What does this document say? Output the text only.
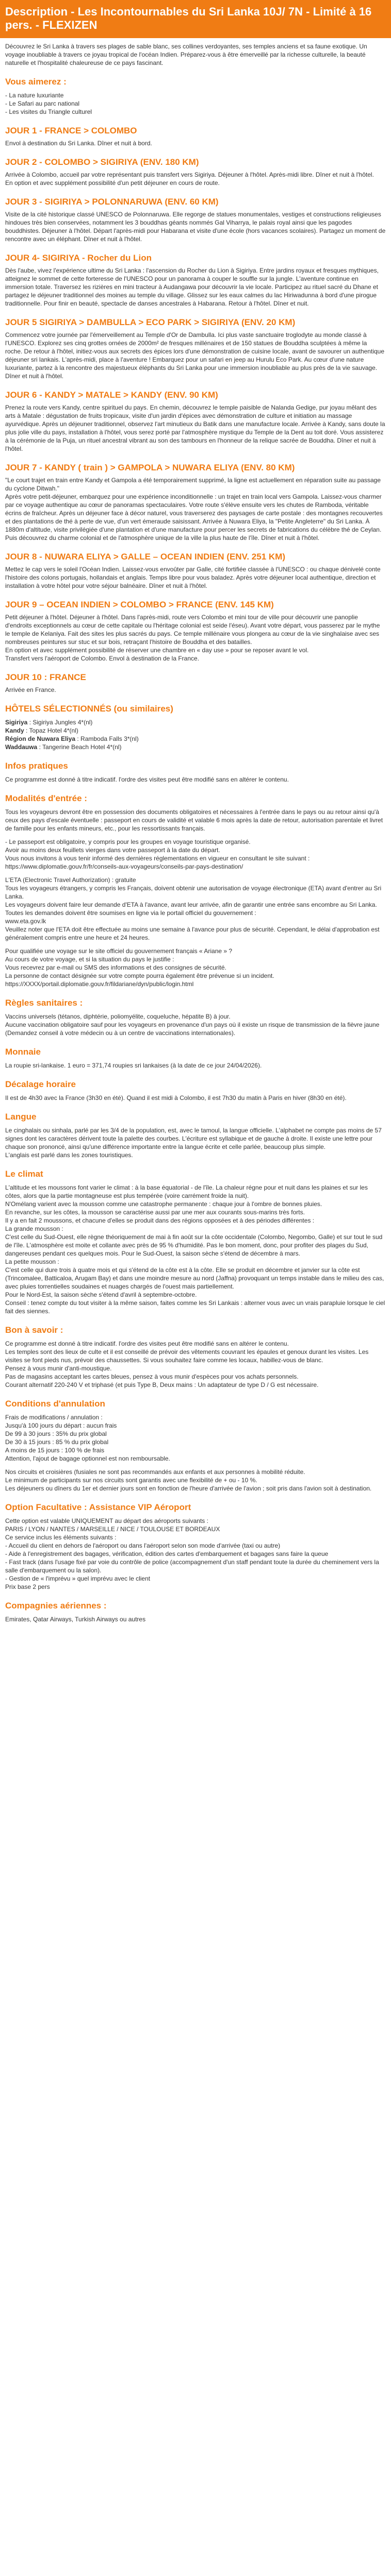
Description - Les Incontournables du Sri Lanka 10J/ 7N - Limité à 16 pers. - FLEXIZEN

Découvrez le Sri Lanka à travers ses plages de sable blanc, ses collines verdoyantes, ses temples anciens et sa faune exotique. Un voyage inoubliable à travers ce joyau tropical de l'océan Indien. Préparez-vous à être émerveillé par la richesse culturelle, la beauté naturelle et l'hospitalité chaleureuse de ce pays fascinant.

Vous aimerez :
- La nature luxuriante
- Le Safari au parc national
- Les visites du Triangle culturel
JOUR 1 - FRANCE > COLOMBO

Envol à destination du Sri Lanka. Dîner et nuit à bord.

JOUR 2 - COLOMBO > SIGIRIYA (ENV. 180 KM)

Arrivée à Colombo, accueil par votre représentant puis transfert vers Sigiriya. Déjeuner à l'hôtel. Après-midi libre. Dîner et nuit à l'hôtel.
En option et avec supplément possibilité d'un petit déjeuner en cours de route.

JOUR 3 - SIGIRIYA > POLONNARUWA (ENV. 60 KM)

Visite de la cité historique classé UNESCO de Polonnaruwa. Elle regorge de statues monumentales, vestiges et constructions religieuses hindoues très bien conservées, notamment les 3 bouddhas géants nommés Gal Viharrya, le palais royal ainsi que les pagodes bouddhistes. Déjeuner à l'hôtel. Départ l'après-midi pour Habarana et visite d'une école (hors vacances scolaires). Partagez un moment de rencontre avec un éléphant. Dîner et nuit à l'hôtel.

JOUR 4- SIGIRIYA - Rocher du Lion

Dès l'aube, vivez l'expérience ultime du Sri Lanka : l'ascension du Rocher du Lion à Sigiriya. Entre jardins royaux et fresques mythiques, atteignez le sommet de cette forteresse de l'UNESCO pour un panorama à couper le souffle sur la jungle. L'aventure continue en immersion totale. Traversez les rizières en mini tracteur à Audangawa pour découvrir la vie locale. Participez au rituel sacré du Dhane et partagez le déjeuner traditionnel des moines au temple du village. Glissez sur les eaux calmes du lac Hiriwadunna à bord d'une pirogue traditionnelle. Pour finir en beauté, spectacle de danses ancestrales à Habarana. Retour à l'hôtel. Dîner et nuit.

JOUR 5 SIGIRIYA > DAMBULLA > ECO PARK > SIGIRIYA (ENV. 20 KM)

Commencez votre journée par l'émerveillement au Temple d'Or de Dambulla. Ici plus vaste sanctuaire troglodyte au monde classé à l'UNESCO. Explorez ses cinq grottes ornées de 2000m² de fresques millénaires et de 150 statues de Bouddha sculptées à même la roche. De retour à l'hôtel, initiez-vous aux secrets des épices lors d'une démonstration de cuisine locale, avant de savourer un authentique déjeuner sri lankais. L'après-midi, place à l'aventure ! Embarquez pour un safari en jeep au Hurulu Eco Park. Au cœur d'une nature luxuriante, partez à la rencontre des majestueux éléphants du Sri Lanka pour une immersion inoubliable au plus près de la vie sauvage. Dîner et nuit à l'hôtel.

JOUR 6 - KANDY > MATALE > KANDY (ENV. 90 KM)

Prenez la route vers Kandy, centre spirituel du pays. En chemin, découvrez le temple paisible de Nalanda Gedige, pur joyau mêlant des arts à Matale : dégustation de fruits tropicaux, visite d'un jardin d'épices avec démonstration de culture et initiation au massage ayurvédique. Après un déjeuner traditionnel, observez l'art minutieux du Batik dans une manufacture locale. Arrivée à Kandy, sans doute la plus jolie ville du pays, installation à l'hôtel, vous serez porté par l'atmosphère mystique du Temple de la Dent au toit doré. Vous assisterez à la cérémonie de la Puja, un rituel ancestral vibrant au son des tambours en l'honneur de la relique sacrée de Bouddha. Dîner et nuit à l'hôtel.

JOUR 7 - KANDY ( train ) > GAMPOLA > NUWARA ELIYA (ENV. 80 KM)

"Le court trajet en train entre Kandy et Gampola a été temporairement supprimé, la ligne est actuellement en réparation suite au passage du cyclone Ditwah."
Après votre petit-déjeuner, embarquez pour une expérience inconditionnelle : un trajet en train local vers Gampola. Laissez-vous charmer par ce voyage authentique au cœur de panoramas spectaculaires. Votre route s'élève ensuite vers les chutes de Ramboda, véritable écrins de fraîcheur. Après un déjeuner face à décor naturel, vous traverserez des paysages de carte postale : des montagnes recouvertes et des plantations de thé à perte de vue, d'un vert émeraude saisissant. Arrivée à Nuwara Eliya, la "Petite Angleterre" du Sri Lanka. À 1880m d'altitude, visite privilégiée d'une plantation et d'une manufacture pour percer les secrets de fabrications du célèbre thé de Ceylan. Puis découvrez du charme colonial et de l'atmosphère unique de la ville la plus haute de l'île. Dîner et nuit à l'hôtel.

JOUR 8 - NUWARA ELIYA > GALLE – OCEAN INDIEN (ENV. 251 KM)

Mettez le cap vers le soleil l'Océan Indien. Laissez-vous envoûter par Galle, cité fortifiée classée à l'UNESCO : ou chaque dénivelé conte l'histoire des colons portugais, hollandais et anglais. Temps libre pour vous baladez. Après votre déjeuner local authentique, direction et installation à votre hôtel pour votre séjour balnéaire. Dîner et nuit à l'hôtel.

JOUR 9 – OCEAN INDIEN > COLOMBO > FRANCE (ENV. 145 KM)

Petit déjeuner à l'hôtel. Déjeuner à l'hôtel. Dans l'après-midi, route vers Colombo et mini tour de ville pour découvrir une panoplie d'endroits exceptionnels au cœur de cette capitale ou l'héritage colonial est seide l'éseu). Avant votre départ, vous passerez par le mythe le temple de Kelaniya. Fait des sites les plus sacrés du pays. Ce temple millénaire vous plongera au cœur de la vie singhalaise avec ses nombreuses peintures sur stuc et sur bois, retraçant l'histoire de Bouddha et des batailles.
En option et avec supplément possibilité de réserver une chambre en « day use » pour se reposer avant le vol.
Transfert vers l'aéroport de Colombo. Envol à destination de la France.

JOUR 10 : FRANCE

Arrivée en France.

HÔTELS SÉLECTIONNÉS (ou similaires)
Sigiriya : Sigiriya Jungles 4*(nl)
Kandy : Topaz Hotel 4*(nl)
Région de Nuwara Eliya : Rambodа Falls 3*(nl)
Waddauwa : Tangerine Beach Hotel 4*(nl)
Infos pratiques

Ce programme est donné à titre indicatif. l'ordre des visites peut être modifié sans en altérer le contenu.

Modalités d'entrée :

Tous les voyageurs devront être en possession des documents obligatoires et nécessaires à l'entrée dans le pays ou au retour ainsi qu'à ceux des pays d'escale éventuelle : passeport en cours de validité et valable 6 mois après la date de retour, autorisation parentale et livret de famille pour les enfants mineurs, etc., pour les ressortissants français.

- Le passeport est obligatoire, y compris pour les groupes en voyage touristique organisé.
Avoir au moins deux feuillets vierges dans votre passeport à la date du départ.
Vous nous invitons à vous tenir informé des dernières réglementations en vigueur en consultant le site suivant : https://www.diplomatie.gouv.fr/fr/conseils-aux-voyageurs/conseils-par-pays-destination/

L'ETA (Electronic Travel Authorization) : gratuite
Tous les voyageurs étrangers, y compris les Français, doivent obtenir une autorisation de voyage électronique (ETA) avant d'entrer au Sri Lanka.
Les voyageurs doivent faire leur demande d'ETA à l'avance, avant leur arrivée, afin de garantir une entrée sans encombre au Sri Lanka.
Toutes les demandes doivent être soumises en ligne via le portail officiel du gouvernement :
www.eta.gov.lk
Veuillez noter que l'ETA doit être effectuée au moins une semaine à l'avance pour plus de sécurité. Cependant, le délai d'approbation est généralement compris entre une heure et 24 heures.

Pour qualifiée une voyage sur le site officiel du gouvernement français « Ariane » ?
Au cours de votre voyage, et si la situation du pays le justifie :
Vous recevrez par e-mail ou SMS des informations et des consignes de sécurité.
La personne de contact désignée sur votre compte pourra également être prévenue si un incident.
https://XXXX/portail.diplomatie.gouv.fr/fildariane/dyn/public/login.html

Règles sanitaires :

Vaccins universels (tétanos, diphtérie, poliomyélite, coqueluche, hépatite B) à jour.
Aucune vaccination obligatoire sauf pour les voyageurs en provenance d'un pays où il existe un risque de transmission de la fièvre jaune (Demandez conseil à votre médecin ou à un centre de vaccinations internationales).

Monnaie

La roupie sri-lankaise. 1 euro = 371,74 roupies sri lankaises (à la date de ce jour 24/04/2026).

Décalage horaire

Il est de 4h30 avec la France (3h30 en été). Quand il est midi à Colombo, il est 7h30 du matin à Paris en hiver (8h30 en été).

Langue

Le cinghalais ou sinhala, parlé par les 3/4 de la population, est, avec le tamoul, la langue officielle. L'alphabet ne compte pas moins de 57 signes dont les caractères dérivent toute la palette des courbes. L'écriture est syllabique et de gauche à droite. Il existe une lettre pour chaque son prononcé, ainsi qu'une différence importante entre la langue écrite et celle parlée, beaucoup plus simple.
L'anglais est parlé dans les zones touristiques.

Le climat

L'altitude et les moussons font varier le climat : à la base équatorial - de l'île. La chaleur régne pour et nuit dans les plaines et sur les côtes, alors que la partie montagneuse est plus tempérée (voire carrément froide la nuit).
N'Omélang varient avec la mousson comme une catastrophe permanente : chaque jour à l'ombre de bonnes pluies.
En revanche, sur les côtes, la mousson se caractérise aussi par une mer aux courants sous-marins très forts.
Il y a en fait 2 moussons, et chacune d'elles se produit dans des régions opposées et à des périodes différentes :
La grande mousson :
C'est celle du Sud-Ouest, elle règne théoriquement de mai à fin août sur la côte occidentale (Colombo, Negombo, Galle) et sur tout le sud de l'île. L'atmosphère est moite et collante avec près de 95 % d'humidité. Pas le bon moment, donc, pour profiter des plages du Sud, dangereuses pendant ces quelques mois. Pour le Sud-Ouest, la saison sèche s'étend de décembre à mars.
La petite mousson :
C'est celle qui dure trois à quatre mois et qui s'étend de la côte est à la côte. Elle se produit en décembre et janvier sur la côte est (Trincomalee, Batticaloa, Arugam Bay) et dans une moindre mesure au nord (Jaffna) provoquant un temps instable dans le milieu des cas, avec pluies torrentielles soudaines et nuages chargés de l'ouest mais partiellement.
Pour le Nord-Est, la saison sèche s'étend d'avril à septembre-octobre.
Conseil : tenez compte du tout visiter à la même saison, faites comme les Sri Lankais : alterner vous avec un vrais parapluie lorsque le ciel fait des siennes.

Bon à savoir :

Ce programme est donné à titre indicatif. l'ordre des visites peut être modifié sans en altérer le contenu.
Les temples sont des lieux de culte et il est conseillé de prévoir des vêtements couvrant les épaules et genoux durant les visites. Les visites se font pieds nus, prévoir des chaussettes. Si vous souhaitez faire comme les locaux, habillez-vous de blanc.
Pensez à vous munir d'anti-moustique.
Pas de magasins acceptant les cartes bleues, pensez à vous munir d'espèces pour vos achats personnels.
Courant alternatif 220-240 V et triphasé (et puis Type B, Deux mains : Un adaptateur de type D / G est nécessaire.

Conditions d'annulation

Frais de modifications / annulation :
Jusqu'à 100 jours du départ : aucun frais
De 99 à 30 jours : 35% du prix global
De 30 à 15 jours : 85 % du prix global
A moins de 15 jours : 100 % de frais
Attention, l'ajout de bagage optionnel est non remboursable.

Nos circuits et croisières (fusiales ne sont pas recommandés aux enfants et aux personnes à mobilité réduite.
Le minimum de participants sur nos circuits sont garantis avec une flexibilité de + ou - 10 %.
Les déjeuners ou dîners du 1er et dernier jours sont en fonction de l'heure d'arrivée de l'avion ; soit pris dans l'avion soit à destination.

Option Facultative : Assistance VIP Aéroport

Cette option est valable UNIQUEMENT au départ des aéroports suivants :
PARIS / LYON / NANTES / MARSEILLE / NICE / TOULOUSE ET BORDEAUX
Ce service inclus les éléments suivants :
- Accueil du client en dehors de l'aéroport ou dans l'aéroport selon son mode d'arrivée (taxi ou autre)
- Aide à l'enregistrement des bagages, vérification, édition des cartes d'embarquement et bagages sans faire la queue
- Fast track (dans l'usage fixé par voie du contrôle de police (accompagnement d'un staff pendant toute la durée du cheminement vers la salle d'embarquement ou la salon).
- Gestion de « l'imprévu » quel imprévu avec le client
Prix base 2 pers

Compagnies aériennes :

Emirates, Qatar Airways, Turkish Airways ou autres
